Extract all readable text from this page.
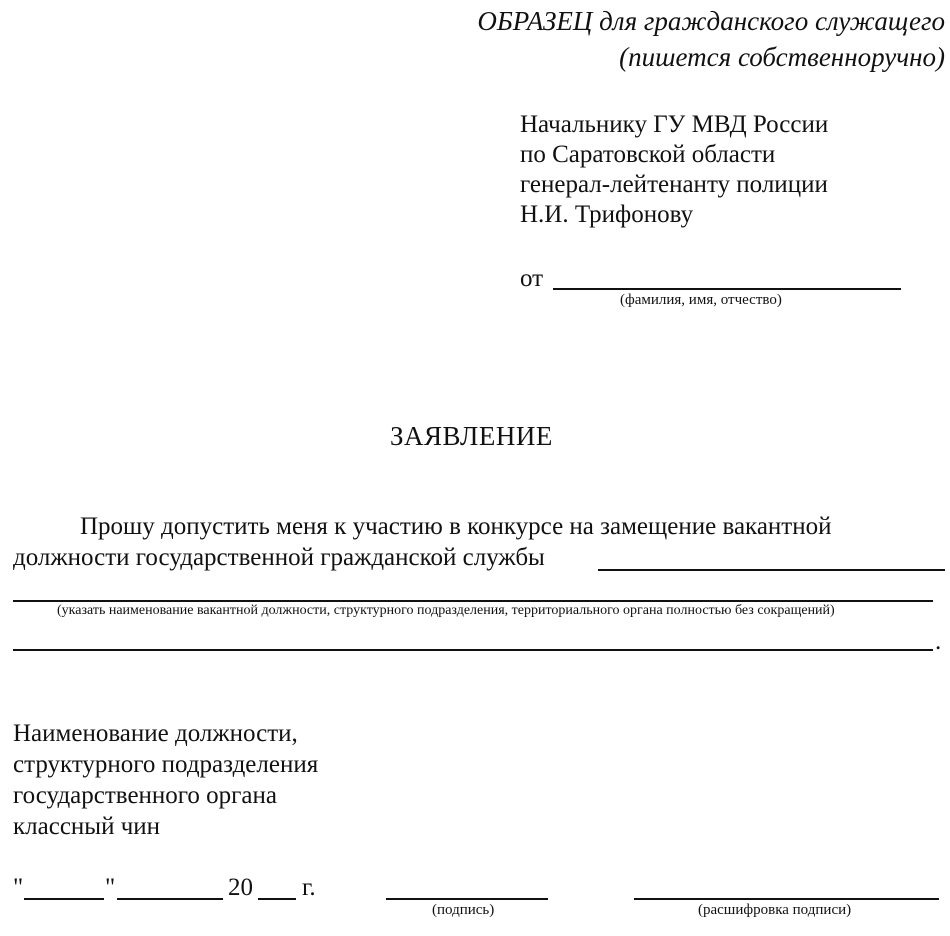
ОБРАЗЕЦ для гражданского служащего
(пишется собственноручно)
Начальнику ГУ МВД России
по Саратовской области
генерал-лейтенанту полиции
Н.И. Трифонову
от
(фамилия, имя, отчество)
ЗАЯВЛЕНИЕ
Прошу допустить меня к участию в конкурсе на замещение вакантной
должности государственной гражданской службы
(указать наименование вакантной должности, структурного подразделения, территориального органа полностью без сокращений)
.
Наименование должности,
структурного подразделения
государственного органа
классный чин
"	"	20 г.
(подпись)	(расшифровка подписи)
